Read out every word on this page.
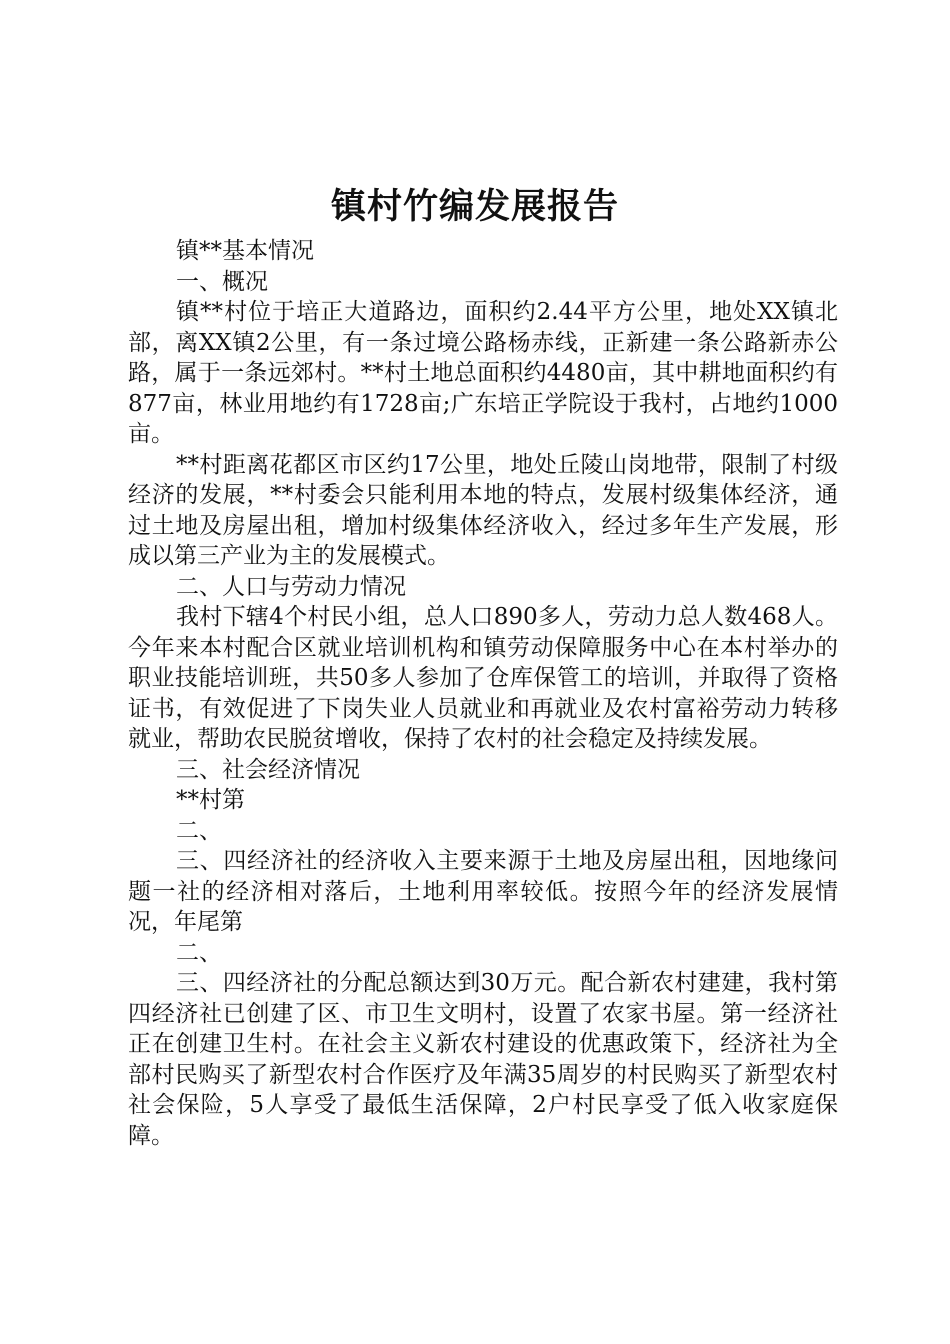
镇村竹编发展报告

镇**基本情况

一、概况

镇**村位于培正大道路边，面积约2.44平方公里，地处XX镇北部，离XX镇2公里，有一条过境公路杨赤线，正新建一条公路新赤公路，属于一条远郊村。**村土地总面积约4480亩，其中耕地面积约有877亩，林业用地约有1728亩;广东培正学院设于我村，占地约1000亩。

**村距离花都区市区约17公里，地处丘陵山岗地带，限制了村级经济的发展，**村委会只能利用本地的特点，发展村级集体经济，通过土地及房屋出租，增加村级集体经济收入，经过多年生产发展，形成以第三产业为主的发展模式。

二、人口与劳动力情况

我村下辖4个村民小组，总人口890多人，劳动力总人数468人。今年来本村配合区就业培训机构和镇劳动保障服务中心在本村举办的职业技能培训班，共50多人参加了仓库保管工的培训，并取得了资格证书，有效促进了下岗失业人员就业和再就业及农村富裕劳动力转移就业，帮助农民脱贫增收，保持了农村的社会稳定及持续发展。

三、社会经济情况

**村第

二、

三、四经济社的经济收入主要来源于土地及房屋出租，因地缘问题一社的经济相对落后，土地利用率较低。按照今年的经济发展情况，年尾第

二、

三、四经济社的分配总额达到30万元。配合新农村建建，我村第四经济社已创建了区、市卫生文明村，设置了农家书屋。第一经济社正在创建卫生村。在社会主义新农村建设的优惠政策下，经济社为全部村民购买了新型农村合作医疗及年满35周岁的村民购买了新型农村社会保险，5人享受了最低生活保障，2户村民享受了低入收家庭保障。
